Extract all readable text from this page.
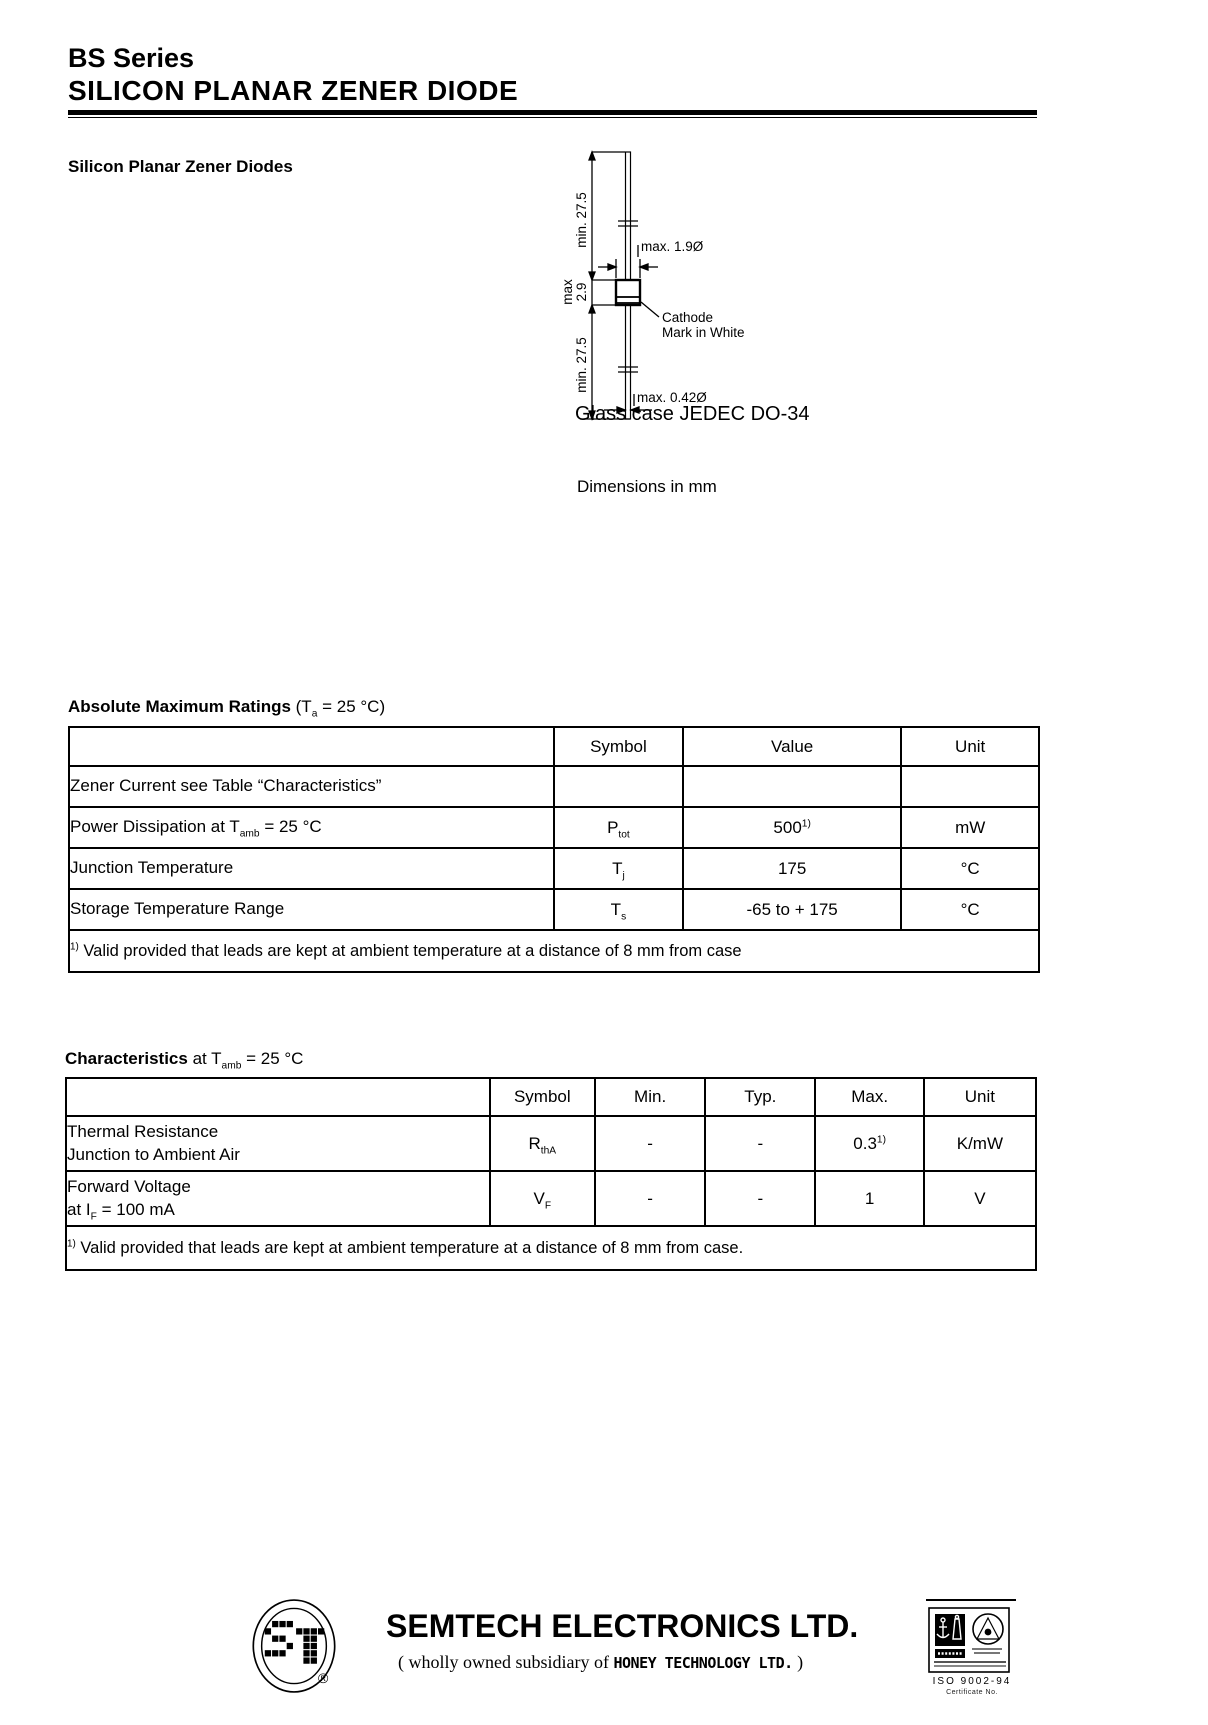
BS Series
SILICON PLANAR ZENER DIODE
Silicon Planar Zener Diodes
min. 27.5
max 2.9
min. 27.5
max. 1.9Ø
Cathode
Mark in White
max. 0.42Ø
Glass case JEDEC DO-34
Dimensions in mm
Absolute Maximum Ratings ($T_a = 25$ °C)
	Symbol	Value	Unit
Zener Current see Table “Characteristics”			
Power Dissipation at $T_{amb} = 25$ °C	$P_{tot}$	500$^{1)}$	mW
Junction Temperature	$T_j$	175	°C
Storage Temperature Range	$T_s$	-65 to + 175	°C
$^{1)}$ Valid provided that leads are kept at ambient temperature at a distance of 8 mm from case			
Characteristics at $T_{amb} = 25$ °C
	Symbol	Min.	Typ.	Max.	Unit
Thermal Resistance
Junction to Ambient Air	$R_{thA}$	-	-	0.3$^{1)}$	K/mW
Forward Voltage
at $I_F = 100$ mA	$V_F$	-	-	1	V
$^{1)}$ Valid provided that leads are kept at ambient temperature at a distance of 8 mm from case.					
®
SEMTECH ELECTRONICS LTD.
( wholly owned subsidiary of HONEY TECHNOLOGY LTD. )
ISO 9002-94
Certificate No.
